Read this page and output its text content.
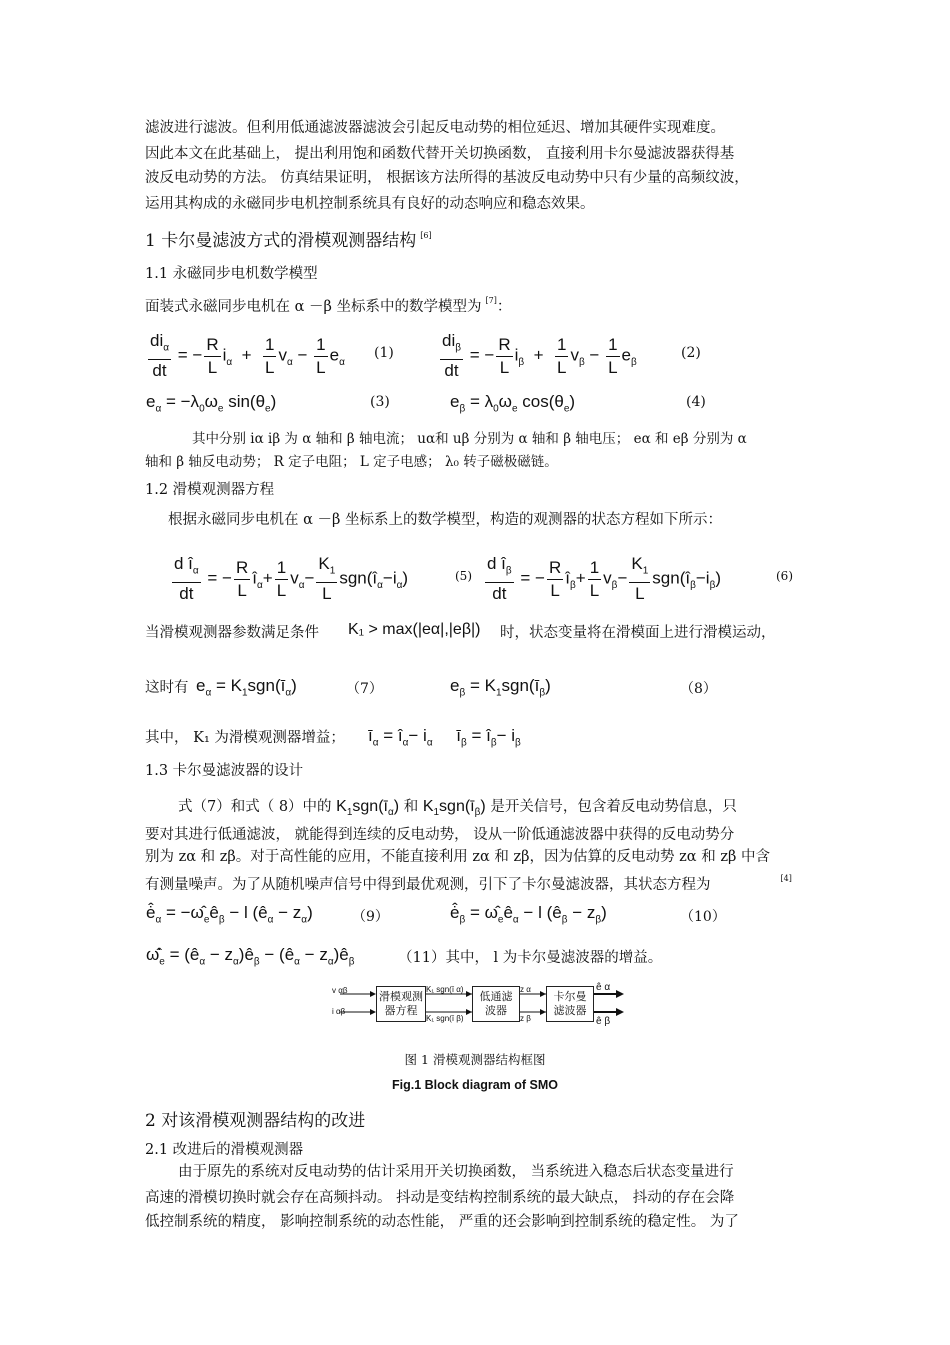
滤波进行滤波。但利用低通滤波器滤波会引起反电动势的相位延迟、增加其硬件实现难度。
因此本文在此基础上， 提出利用饱和函数代替开关切换函数， 直接利用卡尔曼滤波器获得基
波反电动势的方法。 仿真结果证明， 根据该方法所得的基波反电动势中只有少量的高频纹波，
运用其构成的永磁同步电机控制系统具有良好的动态响应和稳态效果。
1 卡尔曼滤波方式的滑模观测器结构 [6]
1.1 永磁同步电机数学模型
面装式永磁同步电机在 α －β 坐标系中的数学模型为 [7]：
$\frac{di_\alpha}{dt}$ = − $\frac{R}{L} i_\alpha + \frac{1}{L} v_\alpha - \frac{1}{L} e_\alpha$
(1)	$\frac{di_\beta}{dt}$ = − $\frac{R}{L} i_\beta + \frac{1}{L} v_\beta - \frac{1}{L} e_\beta$
(2)
$e_\alpha = -\lambda_0\omega_e$ $\sin(\theta_e)$	(3)	$e_\beta = \lambda_0\omega_e$ $\cos(\theta_e)$	(4)
其中分别 iα iβ 为 α 轴和 β 轴电流； uα和 uβ 分别为 α 轴和 β 轴电压； eα 和 eβ 分别为 α
轴和 β 轴反电动势； R 定子电阻； L 定子电感； λ₀ 转子磁极磁链。
1.2 滑模观测器方程
根据永磁同步电机在 α －β 坐标系上的数学模型，构造的观测器的状态方程如下所示：
$\frac{d î_\alpha}{dt}$ = − $\frac{R}{L}$ $î_\alpha+ \frac{1}{L} v_\alpha- \frac{K_1}{L}$ $sgn(î_\alpha-i_\alpha)$	$(5) \frac{d î_\beta}{dt}$ = − $\frac{R}{L}$ $î_\beta+ \frac{1}{L} v_\beta- \frac{K_1}{L}$ $sgn(î_\beta-i_\beta)$	(6)
当滑模观测器参数满足条件	K₁ > max(|eα|,|eβ|) 时，状态变量将在滑模面上进行滑模运动，
这时有 $e_\alpha$ = $K_1sgn(ī_\alpha)$	（7）	$e_\beta$ = $K_1sgn(ī_\beta)$	（8）
其中， K₁ 为滑模观测器增益；	$ī_\alpha$ = $î_\alpha- i_\alpha$     $ī_\beta$ = $î_\beta- i_\beta$
1.3 卡尔曼滤波器的设计
式（7）和式（ 8）中的 $K_1sgn(ī_\alpha)$ 和 $K_1sgn(ī_\beta)$ 是开关信号，包含着反电动势信息，只
要对其进行低通滤波， 就能得到连续的反电动势， 设从一阶低通滤波器中获得的反电动势分
别为 zα 和 zβ。对于高性能的应用，不能直接利用 zα 和 zβ，因为估算的反电动势 zα 和 zβ 中含
有测量噪声。为了从随机噪声信号中得到最优观测，引下了卡尔曼滤波器，其状态方程为	[4]
$ė̂_\alpha$ = $-\omegâ_eê_\beta - l$ $(ê_\alpha - z_\alpha)$	（9）	$ė̂_\beta$ = $\omegâ_eê_\alpha - l$ $(ê_\beta - z_\beta)$	（10）
$\omegâ̇_e$ = ($ê_\alpha$ − $z_\alpha)ê_\beta$ − ($ê_\alpha$ − $z_\alpha)ê_\beta$	（11）其中， l 为卡尔曼滤波器的增益。
v αβ
i αβ
滑模观测
器方程
K₁ sgn(ī α)
K₁ sgn(ī β)
低通滤
波器
z α
z β
卡尔曼
滤波器
ê α
ê β
图 1 滑模观测器结构框图
Fig.1 Block diagram of SMO
2 对该滑模观测器结构的改进
2.1 改进后的滑模观测器
由于原先的系统对反电动势的估计采用开关切换函数， 当系统进入稳态后状态变量进行
高速的滑模切换时就会存在高频抖动。 抖动是变结构控制系统的最大缺点， 抖动的存在会降
低控制系统的精度， 影响控制系统的动态性能， 严重的还会影响到控制系统的稳定性。 为了
